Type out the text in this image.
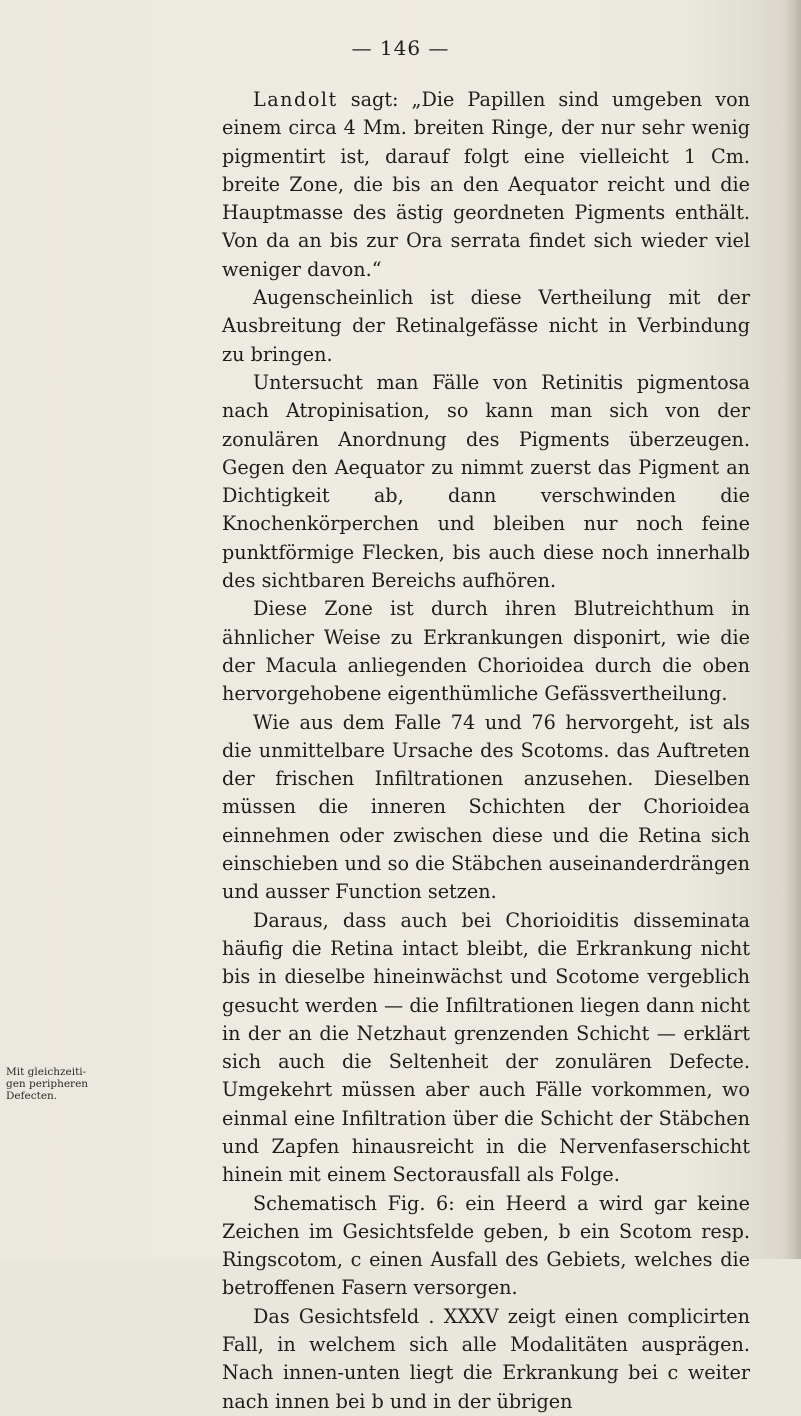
— 146 —

Landolt sagt: „Die Papillen sind umgeben von einem circa 4 Mm. breiten Ringe, der nur sehr wenig pigmentirt ist, darauf folgt eine vielleicht 1 Cm. breite Zone, die bis an den Aequator reicht und die Hauptmasse des ästig geordneten Pigments enthält. Von da an bis zur Ora serrata findet sich wieder viel weniger davon.“

Augenscheinlich ist diese Vertheilung mit der Ausbreitung der Retinalgefässe nicht in Verbindung zu bringen.

Untersucht man Fälle von Retinitis pigmentosa nach Atropinisation, so kann man sich von der zonulären Anordnung des Pigments überzeugen. Gegen den Aequator zu nimmt zuerst das Pigment an Dichtigkeit ab, dann verschwinden die Knochenkörperchen und bleiben nur noch feine punktförmige Flecken, bis auch diese noch innerhalb des sichtbaren Bereichs aufhören.

Diese Zone ist durch ihren Blutreichthum in ähnlicher Weise zu Erkrankungen disponirt, wie die der Macula anliegenden Chorioidea durch die oben hervorgehobene eigenthümliche Gefässvertheilung.

Wie aus dem Falle 74 und 76 hervorgeht, ist als die unmittelbare Ursache des Scotoms. das Auftreten der frischen Infiltrationen anzusehen. Dieselben müssen die inneren Schichten der Chorioidea einnehmen oder zwischen diese und die Retina sich einschieben und so die Stäbchen auseinanderdrängen und ausser Function setzen.

Daraus, dass auch bei Chorioiditis disseminata häufig die Retina intact bleibt, die Erkrankung nicht bis in dieselbe hineinwächst und Scotome vergeblich gesucht werden — die Infiltrationen liegen dann nicht in der an die Netzhaut grenzenden Schicht — erklärt sich auch die Seltenheit der zonulären Defecte. Umgekehrt müssen aber auch Fälle vorkommen, wo einmal eine Infiltration über die Schicht der Stäbchen und Zapfen hinausreicht in die Nervenfaserschicht hinein mit einem Sectorausfall als Folge.

Schematisch Fig. 6: ein Heerd a wird gar keine Zeichen im Gesichtsfelde geben, b ein Scotom resp. Ringscotom, c einen Ausfall des Gebiets, welches die betroffenen Fasern versorgen.

Das Gesichtsfeld . XXXV zeigt einen complicirten Fall, in welchem sich alle Modalitäten ausprägen. Nach innen-unten liegt die Erkrankung bei c weiter nach innen bei b und in der übrigen

Mit gleichzeiti-
gen peripheren
Defecten.
